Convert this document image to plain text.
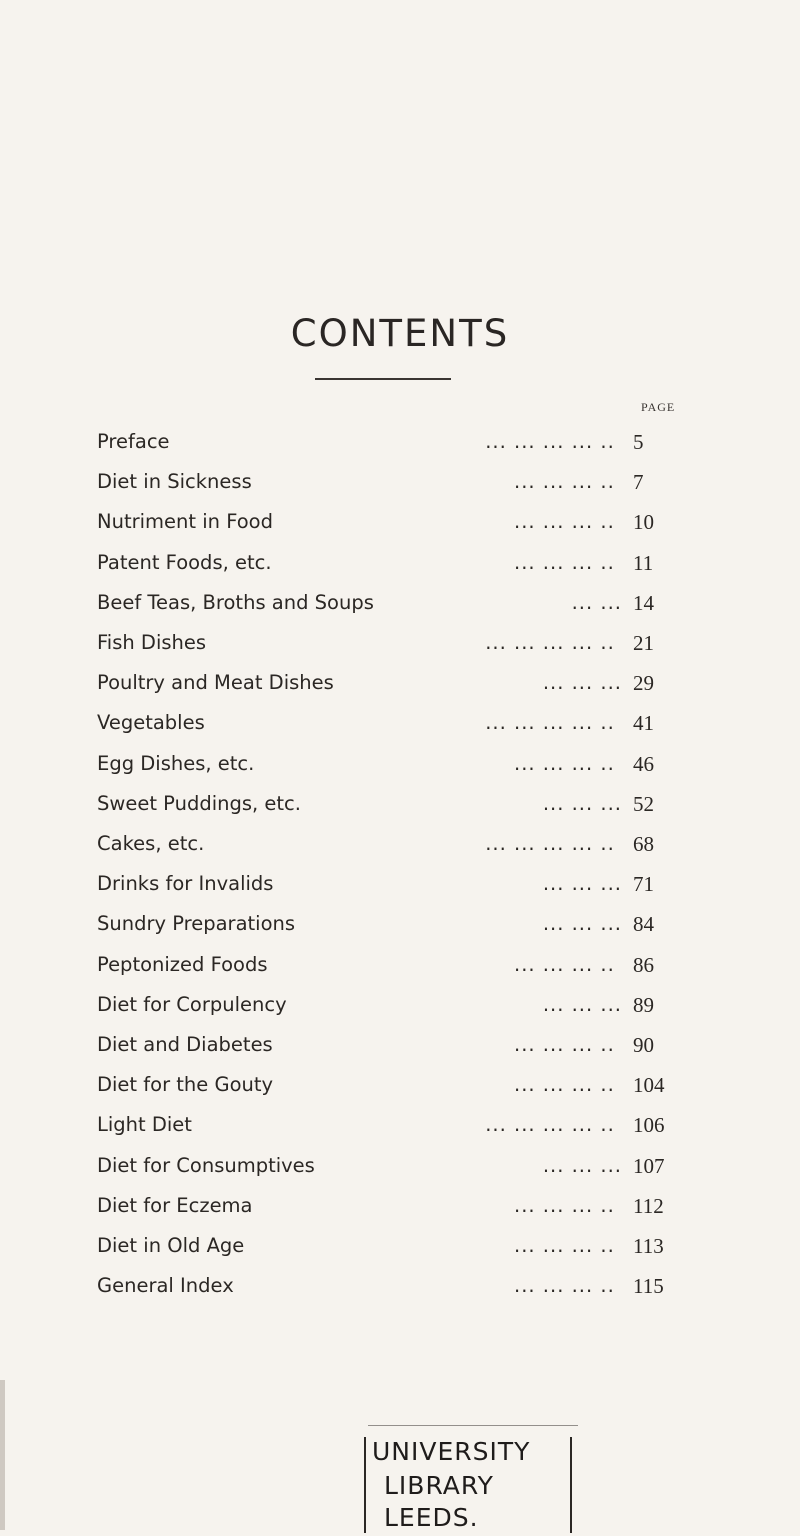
CONTENTS
PAGE
Preface	... ... ... ... .. 5
Diet in Sickness	... ... ... .. 7
Nutriment in Food	... ... ... .. 10
Patent Foods, etc.	... ... ... .. 11
Beef Teas, Broths and Soups	... ... 14
Fish Dishes	... ... ... ... .. 21
Poultry and Meat Dishes	... ... ... 29
Vegetables	... ... ... ... .. 41
Egg Dishes, etc.	... ... ... .. 46
Sweet Puddings, etc.	... ... ... 52
Cakes, etc.	... ... ... ... .. 68
Drinks for Invalids	... ... ... 71
Sundry Preparations	... ... ... 84
Peptonized Foods	... ... ... .. 86
Diet for Corpulency	... ... ... 89
Diet and Diabetes	... ... ... .. 90
Diet for the Gouty	... ... ... .. 104
Light Diet	... ... ... ... .. 106
Diet for Consumptives	... ... ... 107
Diet for Eczema	... ... ... .. 112
Diet in Old Age	... ... ... .. 113
General Index	... ... ... .. 115
UNIVERSITY
LIBRARY
LEEDS.
